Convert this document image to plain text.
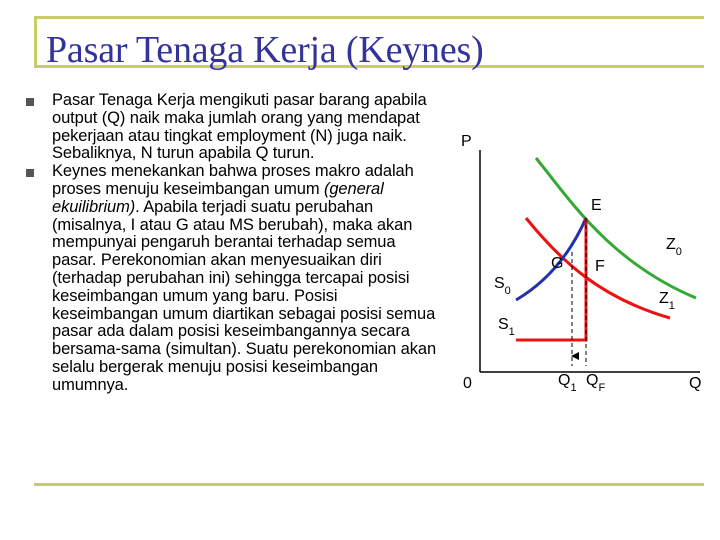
Pasar Tenaga Kerja (Keynes)

Pasar Tenaga Kerja mengikuti pasar barang apabila output (Q) naik maka jumlah orang yang mendapat pekerjaan atau tingkat employment (N) juga naik. Sebaliknya, N turun apabila Q turun.

Keynes menekankan bahwa proses makro adalah proses menuju keseimbangan umum (general ekuilibrium). Apabila terjadi suatu perubahan (misalnya, I atau G atau MS berubah), maka akan mempunyai pengaruh berantai terhadap semua pasar. Perekonomian akan menyesuaikan diri (terhadap perubahan ini) sehingga tercapai posisi keseimbangan umum yang baru. Posisi keseimbangan umum diartikan sebagai posisi semua pasar ada dalam posisi keseimbangannya secara bersama-sama (simultan). Suatu perekonomian akan selalu bergerak menuju posisi keseimbangan umumnya.

P
0	Q
E
G F
$S_0$
$S_1$
$Z_0$
$Z_1$
$Q_1$ $Q_F$
